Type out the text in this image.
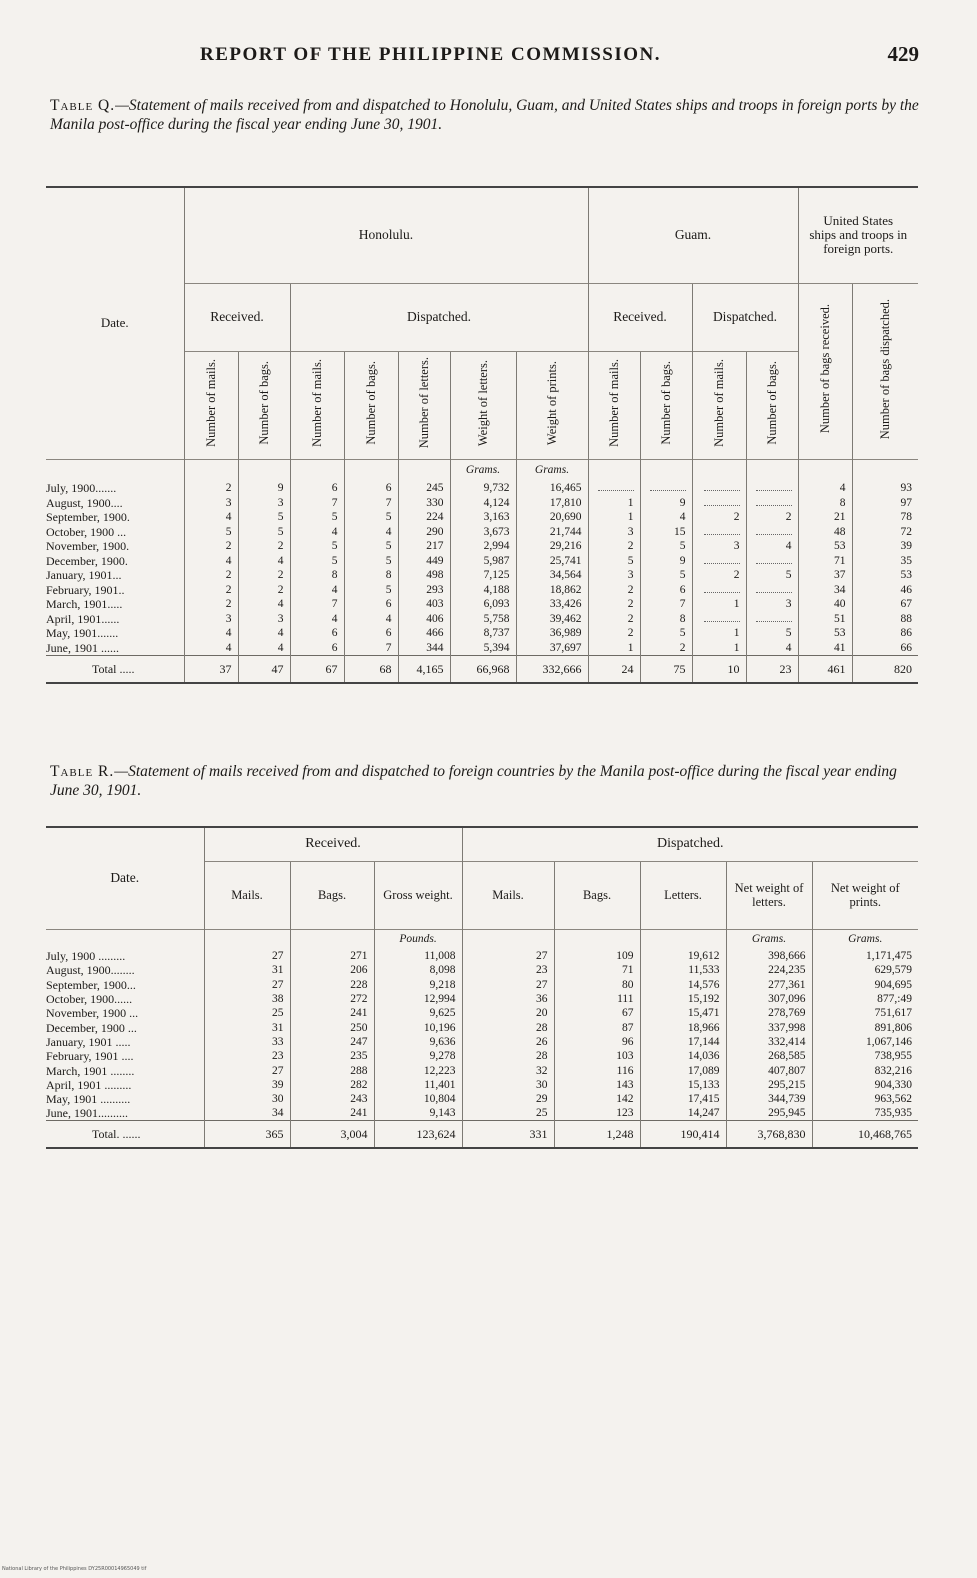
REPORT OF THE PHILIPPINE COMMISSION.	429
Table Q.—Statement of mails received from and dispatched to Honolulu, Guam, and United States ships and troops in foreign ports by the Manila post-office during the fiscal year ending June 30, 1901.
Date.	Honolulu.							Guam.				United States ships and troops in foreign ports.	
	Received.		Dispatched.					Received.		Dispatched.		Number of bags received.	Number of bags dispatched.
	Number of mails.	Number of bags.	Number of mails.	Number of bags.	Number of letters.	Weight of letters.	Weight of prints.	Number of mails.	Number of bags.	Number of mails.	Number of bags.		
						Grams.	Grams.						
July, 1900.......	2	9	6	6	245	9,732	16,465					4	93
August, 1900....	3	3	7	7	330	4,124	17,810	1	9			8	97
September, 1900.	4	5	5	5	224	3,163	20,690	1	4	2	2	21	78
October, 1900 ...	5	5	4	4	290	3,673	21,744	3	15			48	72
November, 1900.	2	2	5	5	217	2,994	29,216	2	5	3	4	53	39
December, 1900.	4	4	5	5	449	5,987	25,741	5	9			71	35
January, 1901...	2	2	8	8	498	7,125	34,564	3	5	2	5	37	53
February, 1901..	2	2	4	5	293	4,188	18,862	2	6			34	46
March, 1901.....	2	4	7	6	403	6,093	33,426	2	7	1	3	40	67
April, 1901......	3	3	4	4	406	5,758	39,462	2	8			51	88
May, 1901.......	4	4	6	6	466	8,737	36,989	2	5	1	5	53	86
June, 1901 ......	4	4	6	7	344	5,394	37,697	1	2	1	4	41	66
Total .....	37	47	67	68	4,165	66,968	332,666	24	75	10	23	461	820
Table R.—Statement of mails received from and dispatched to foreign countries by the Manila post-office during the fiscal year ending June 30, 1901.
Date.	Received.			Dispatched.				
	Mails.	Bags.	Gross weight.	Mails.	Bags.	Letters.	Net weight of letters.	Net weight of prints.
			Pounds.				Grams.	Grams.
July, 1900 .........	27	271	11,008	27	109	19,612	398,666	1,171,475
August, 1900........	31	206	8,098	23	71	11,533	224,235	629,579
September, 1900...	27	228	9,218	27	80	14,576	277,361	904,695
October, 1900......	38	272	12,994	36	111	15,192	307,096	877,:49
November, 1900 ...	25	241	9,625	20	67	15,471	278,769	751,617
December, 1900 ...	31	250	10,196	28	87	18,966	337,998	891,806
January, 1901 .....	33	247	9,636	26	96	17,144	332,414	1,067,146
February, 1901 ....	23	235	9,278	28	103	14,036	268,585	738,955
March, 1901 ........	27	288	12,223	32	116	17,089	407,807	832,216
April, 1901 .........	39	282	11,401	30	143	15,133	295,215	904,330
May, 1901 ..........	30	243	10,804	29	142	17,415	344,739	963,562
June, 1901..........	34	241	9,143	25	123	14,247	295,945	735,935
Total. ......	365	3,004	123,624	331	1,248	190,414	3,768,830	10,468,765
National Library of the Philippines DY25R00014965049 tif
